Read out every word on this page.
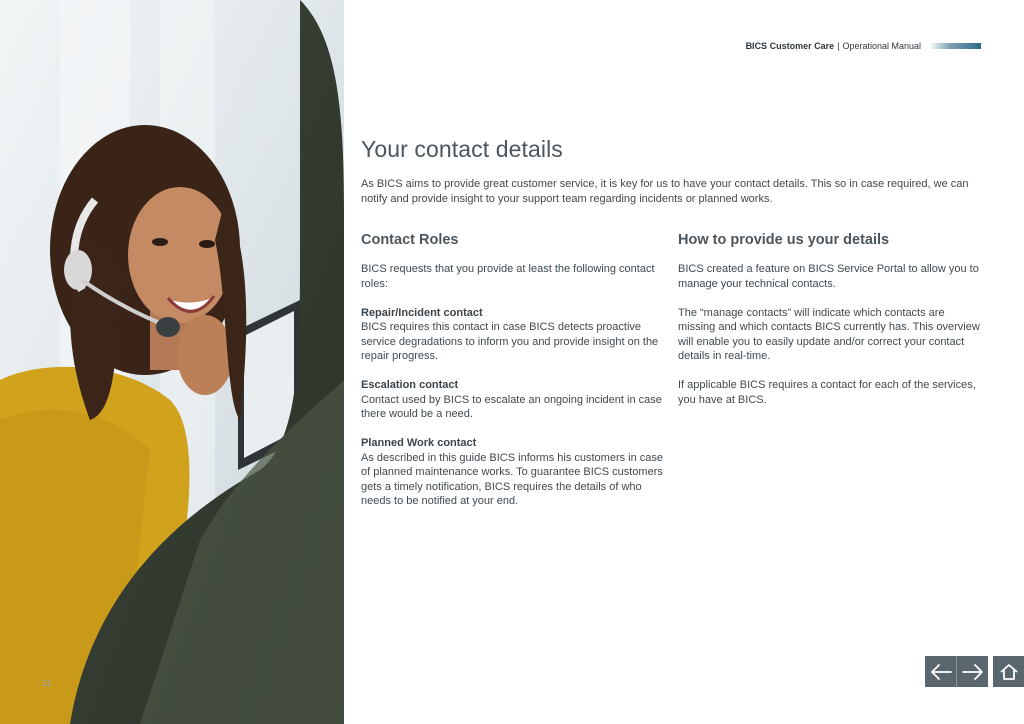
11
BICS Customer Care | Operational Manual
Your contact details

As BICS aims to provide great customer service, it is key for us to have your contact details. This so in case required, we can notify and provide insight to your support team regarding incidents or planned works.

Contact Roles

BICS requests that you provide at least the following contact roles:

Repair/Incident contact
BICS requires this contact in case BICS detects proactive service degradations to inform you and provide insight on the repair progress.

Escalation contact
Contact used by BICS to escalate an ongoing incident in case there would be a need.

Planned Work contact
As described in this guide BICS informs his customers in case of planned maintenance works. To guarantee BICS customers gets a timely notification, BICS requires the details of who needs to be notified at your end.

How to provide us your details

BICS created a feature on BICS Service Portal to allow you to manage your technical contacts.

The “manage contacts” will indicate which contacts are missing and which contacts BICS currently has. This overview will enable you to easily update and/or correct your contact details in real-time.

If applicable BICS requires a contact for each of the services, you have at BICS.
